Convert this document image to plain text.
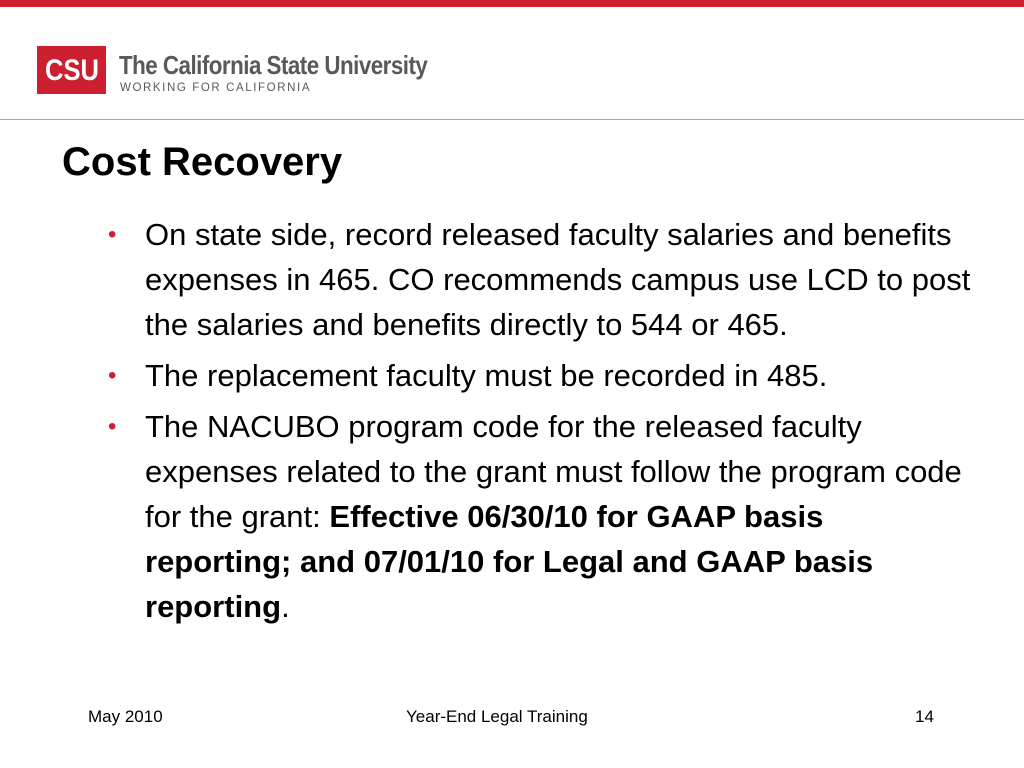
CSU The California State University
WORKING FOR CALIFORNIA
Cost Recovery
• On state side, record released faculty salaries and benefits expenses in 465. CO recommends campus use LCD to post the salaries and benefits directly to 544 or 465.
• The replacement faculty must be recorded in 485.
• The NACUBO program code for the released faculty expenses related to the grant must follow the program code for the grant: Effective 06/30/10 for GAAP basis reporting; and 07/01/10 for Legal and GAAP basis reporting.
May 2010	Year-End Legal Training	14
